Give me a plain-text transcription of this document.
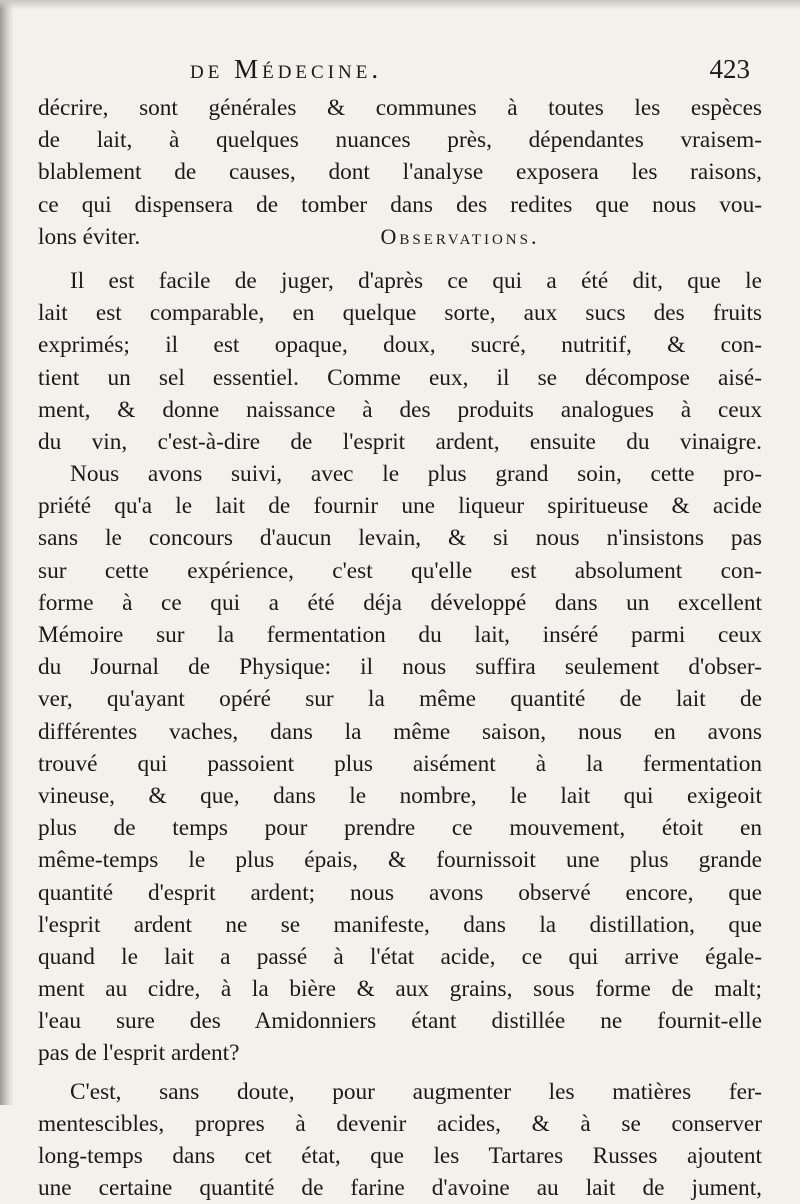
de Médecine.	423
décrire, sont générales & communes à toutes les espèces
de lait, à quelques nuances près, dépendantes vraisem-
blablement de causes, dont l'analyse exposera les raisons,
ce qui dispensera de tomber dans des redites que nous vou-
lons éviter.	Observations.
Il est facile de juger, d'après ce qui a été dit, que le
lait est comparable, en quelque sorte, aux sucs des fruits
exprimés; il est opaque, doux, sucré, nutritif, & con-
tient un sel essentiel. Comme eux, il se décompose aisé-
ment, & donne naissance à des produits analogues à ceux
du vin, c'est-à-dire de l'esprit ardent, ensuite du vinaigre.
Nous avons suivi, avec le plus grand soin, cette pro-
priété qu'a le lait de fournir une liqueur spiritueuse & acide
sans le concours d'aucun levain, & si nous n'insistons pas
sur cette expérience, c'est qu'elle est absolument con-
forme à ce qui a été déja développé dans un excellent
Mémoire sur la fermentation du lait, inséré parmi ceux
du Journal de Physique: il nous suffira seulement d'obser-
ver, qu'ayant opéré sur la même quantité de lait de
différentes vaches, dans la même saison, nous en avons
trouvé qui passoient plus aisément à la fermentation
vineuse, & que, dans le nombre, le lait qui exigeoit
plus de temps pour prendre ce mouvement, étoit en
même-temps le plus épais, & fournissoit une plus grande
quantité d'esprit ardent; nous avons observé encore, que
l'esprit ardent ne se manifeste, dans la distillation, que
quand le lait a passé à l'état acide, ce qui arrive égale-
ment au cidre, à la bière & aux grains, sous forme de malt;
l'eau sure des Amidonniers étant distillée ne fournit-elle
pas de l'esprit ardent?
C'est, sans doute, pour augmenter les matières fer-
mentescibles, propres à devenir acides, & à se conserver
long-temps dans cet état, que les Tartares Russes ajoutent
une certaine quantité de farine d'avoine au lait de jument,
